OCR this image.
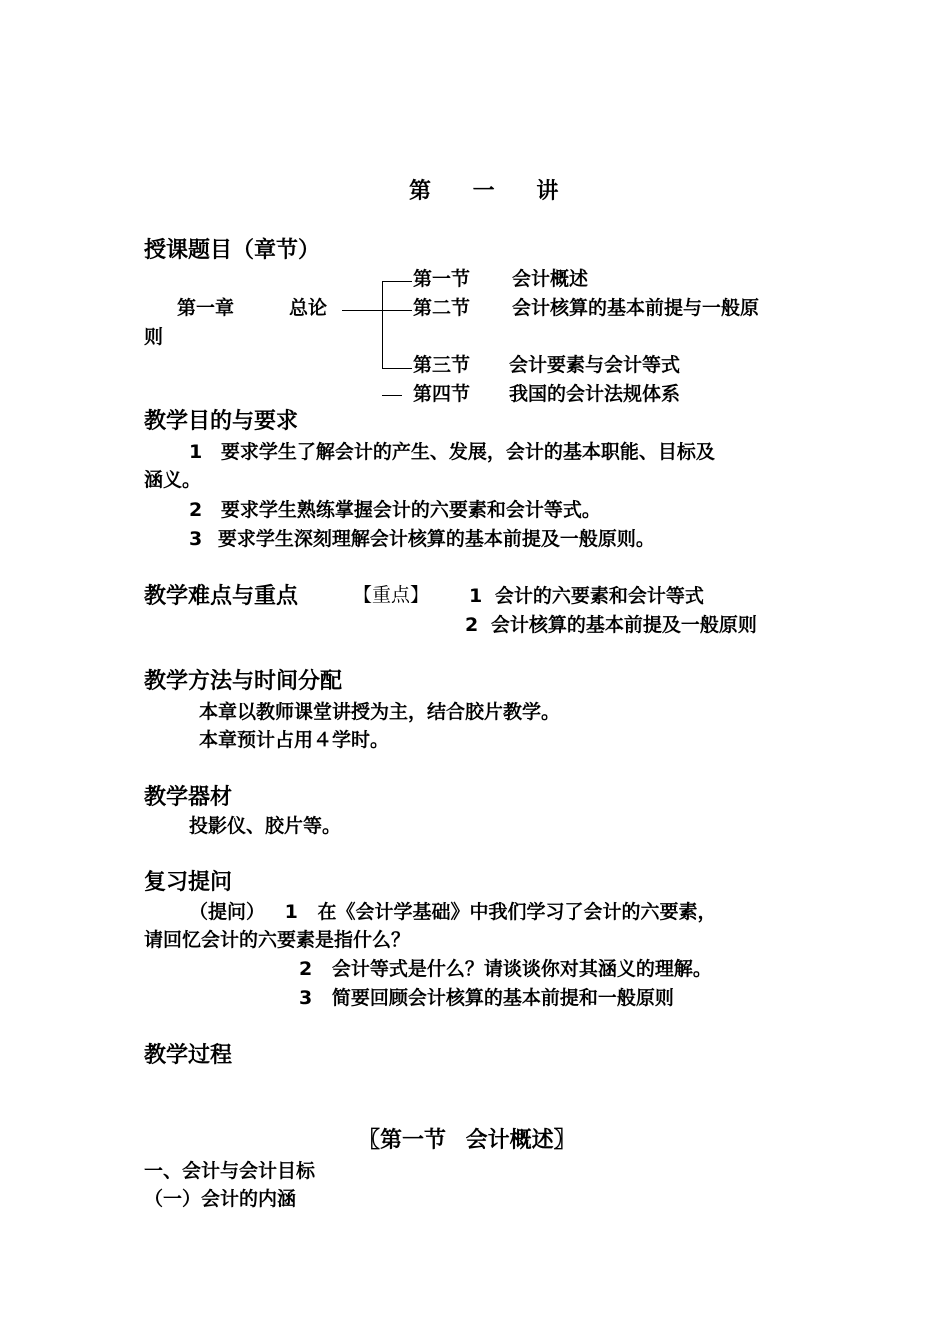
第 一 讲
授课题目（章节）
第一章	总论
第一节 会计概述
第二节 会计核算的基本前提与一般原
则
第三节 会计要素与会计等式
第四节 我国的会计法规体系
教学目的与要求
1 要求学生了解会计的产生、发展，会计的基本职能、目标及
涵义。
2 要求学生熟练掌握会计的六要素和会计等式。
3 要求学生深刻理解会计核算的基本前提及一般原则。
教学难点与重点	【重点】 1 会计的六要素和会计等式
2 会计核算的基本前提及一般原则
教学方法与时间分配
本章以教师课堂讲授为主，结合胶片教学。
本章预计占用４学时。
教学器材
投影仪、胶片等。
复习提问
（提问） 1 在《会计学基础》中我们学习了会计的六要素，
请回忆会计的六要素是指什么？
2 会计等式是什么？请谈谈你对其涵义的理解。
3 简要回顾会计核算的基本前提和一般原则
教学过程
〖第一节 会计概述〗
一、会计与会计目标
（一）会计的内涵
